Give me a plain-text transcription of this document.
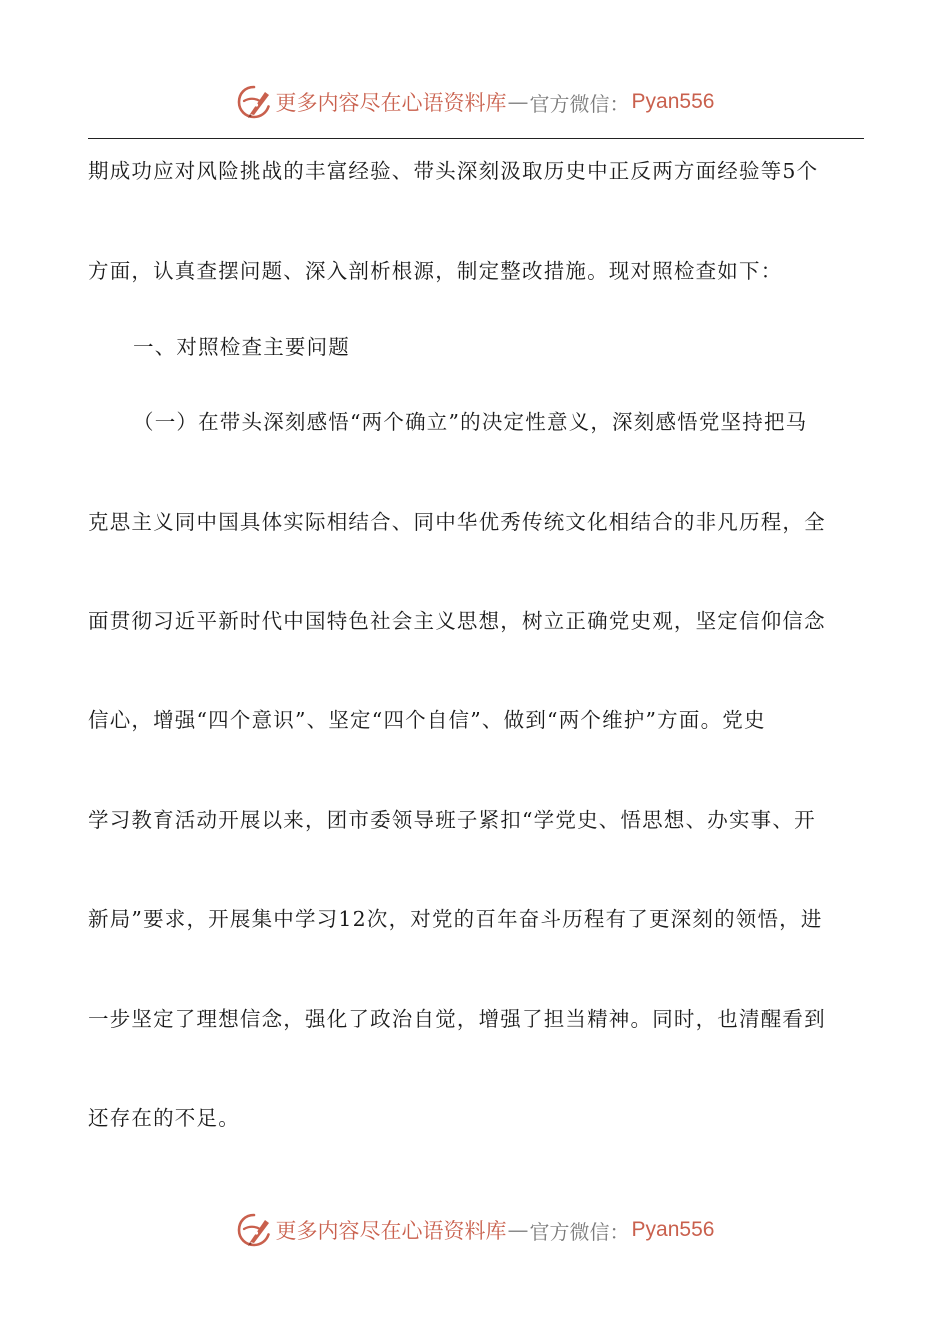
更多内容尽在心语资料库 — 官方微信： Pyan556
期成功应对风险挑战的丰富经验、带头深刻汲取历史中正反两方面经验等5个
方面，认真查摆问题、深入剖析根源，制定整改措施。现对照检查如下：
一、对照检查主要问题
（一）在带头深刻感悟“两个确立”的决定性意义，深刻感悟党坚持把马
克思主义同中国具体实际相结合、同中华优秀传统文化相结合的非凡历程，全
面贯彻习近平新时代中国特色社会主义思想，树立正确党史观，坚定信仰信念
信心，增强“四个意识”、坚定“四个自信”、做到“两个维护”方面。党史
学习教育活动开展以来，团市委领导班子紧扣“学党史、悟思想、办实事、开
新局”要求，开展集中学习12次，对党的百年奋斗历程有了更深刻的领悟，进
一步坚定了理想信念，强化了政治自觉，增强了担当精神。同时，也清醒看到
还存在的不足。
更多内容尽在心语资料库 — 官方微信： Pyan556
